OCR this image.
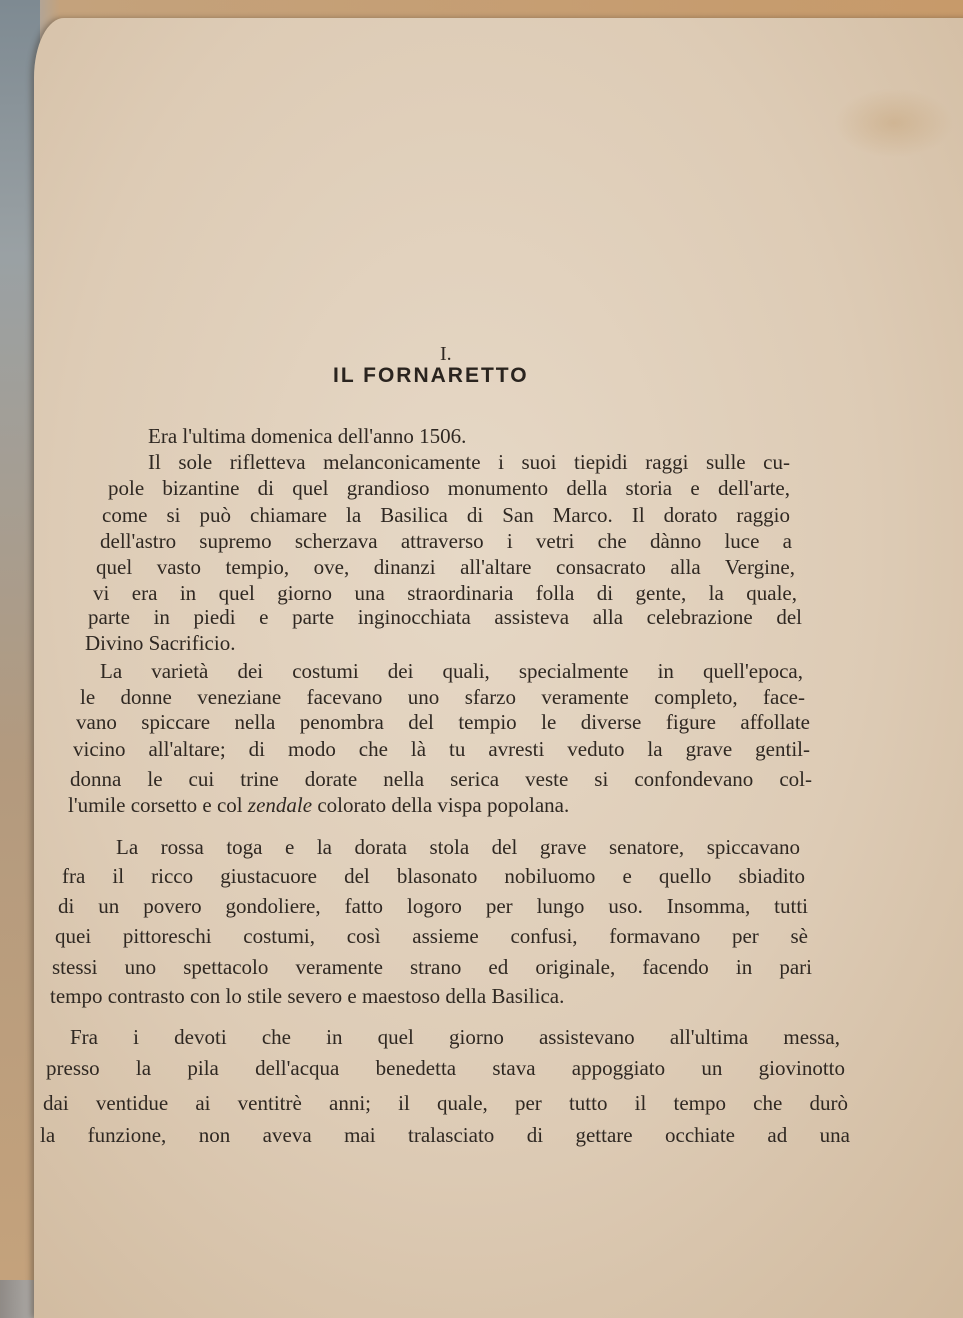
I.
IL FORNARETTO
Era l'ultima domenica dell'anno 1506.
Il sole rifletteva melanconicamente i suoi tiepidi raggi sulle cu-
pole bizantine di quel grandioso monumento della storia e dell'arte,
come si può chiamare la Basilica di San Marco. Il dorato raggio
dell'astro supremo scherzava attraverso i vetri che dànno luce a
quel vasto tempio, ove, dinanzi all'altare consacrato alla Vergine,
vi era in quel giorno una straordinaria folla di gente, la quale,
parte in piedi e parte inginocchiata assisteva alla celebrazione del
Divino Sacrificio.
La varietà dei costumi dei quali, specialmente in quell'epoca,
le donne veneziane facevano uno sfarzo veramente completo, face-
vano spiccare nella penombra del tempio le diverse figure affollate
vicino all'altare; di modo che là tu avresti veduto la grave gentil-
donna le cui trine dorate nella serica veste si confondevano col-
l'umile corsetto e col zendale colorato della vispa popolana.
La rossa toga e la dorata stola del grave senatore, spiccavano
fra il ricco giustacuore del blasonato nobiluomo e quello sbiadito
di un povero gondoliere, fatto logoro per lungo uso. Insomma, tutti
quei pittoreschi costumi, così assieme confusi, formavano per sè
stessi uno spettacolo veramente strano ed originale, facendo in pari
tempo contrasto con lo stile severo e maestoso della Basilica.
Fra i devoti che in quel giorno assistevano all'ultima messa,
presso la pila dell'acqua benedetta stava appoggiato un giovinotto
dai ventidue ai ventitrè anni; il quale, per tutto il tempo che durò
la funzione, non aveva mai tralasciato di gettare occhiate ad una
